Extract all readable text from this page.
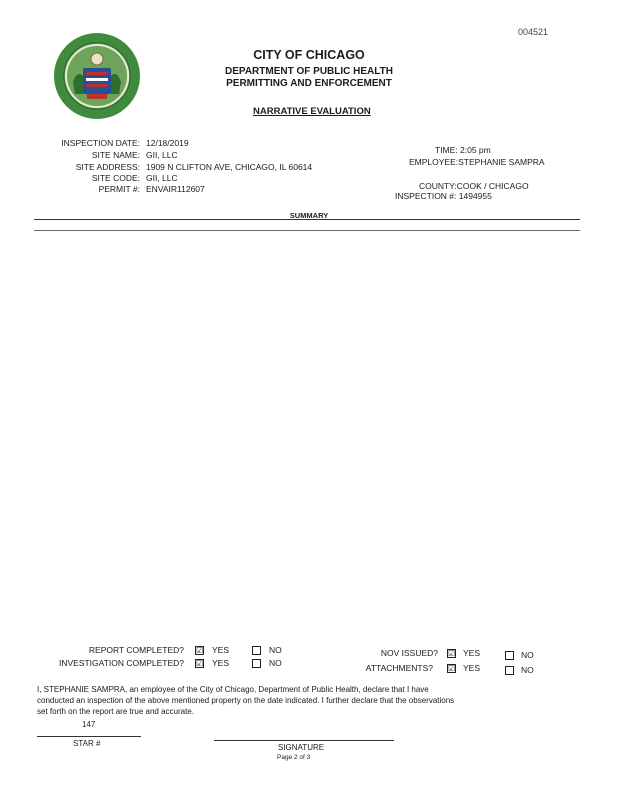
004521
CITY OF CHICAGO
DEPARTMENT OF PUBLIC HEALTH
PERMITTING AND ENFORCEMENT
NARRATIVE EVALUATION
INSPECTION DATE: 12/18/2019
SITE NAME: GII, LLC
SITE ADDRESS: 1909 N CLIFTON AVE, CHICAGO, IL 60614
SITE CODE: GII, LLC
PERMIT #: ENVAIR112607
TIME: 2:05 pm
EMPLOYEE:STEPHANIE SAMPRA
COUNTY:COOK / CHICAGO
INSPECTION #: 1494955
SUMMARY
REPORT COMPLETED? ☑ YES	NO	NOV ISSUED? ☑ YES	NO
INVESTIGATION COMPLETED? ☑ YES	NO	ATTACHMENTS? ☑ YES	NO
I, STEPHANIE SAMPRA, an employee of the City of Chicago, Department of Public Health, declare that I have conducted an inspection of the above mentioned property on the date indicated. I further declare that the observations set forth on the report are true and accurate.
147
STAR #	SIGNATURE
Page 2 of 3
